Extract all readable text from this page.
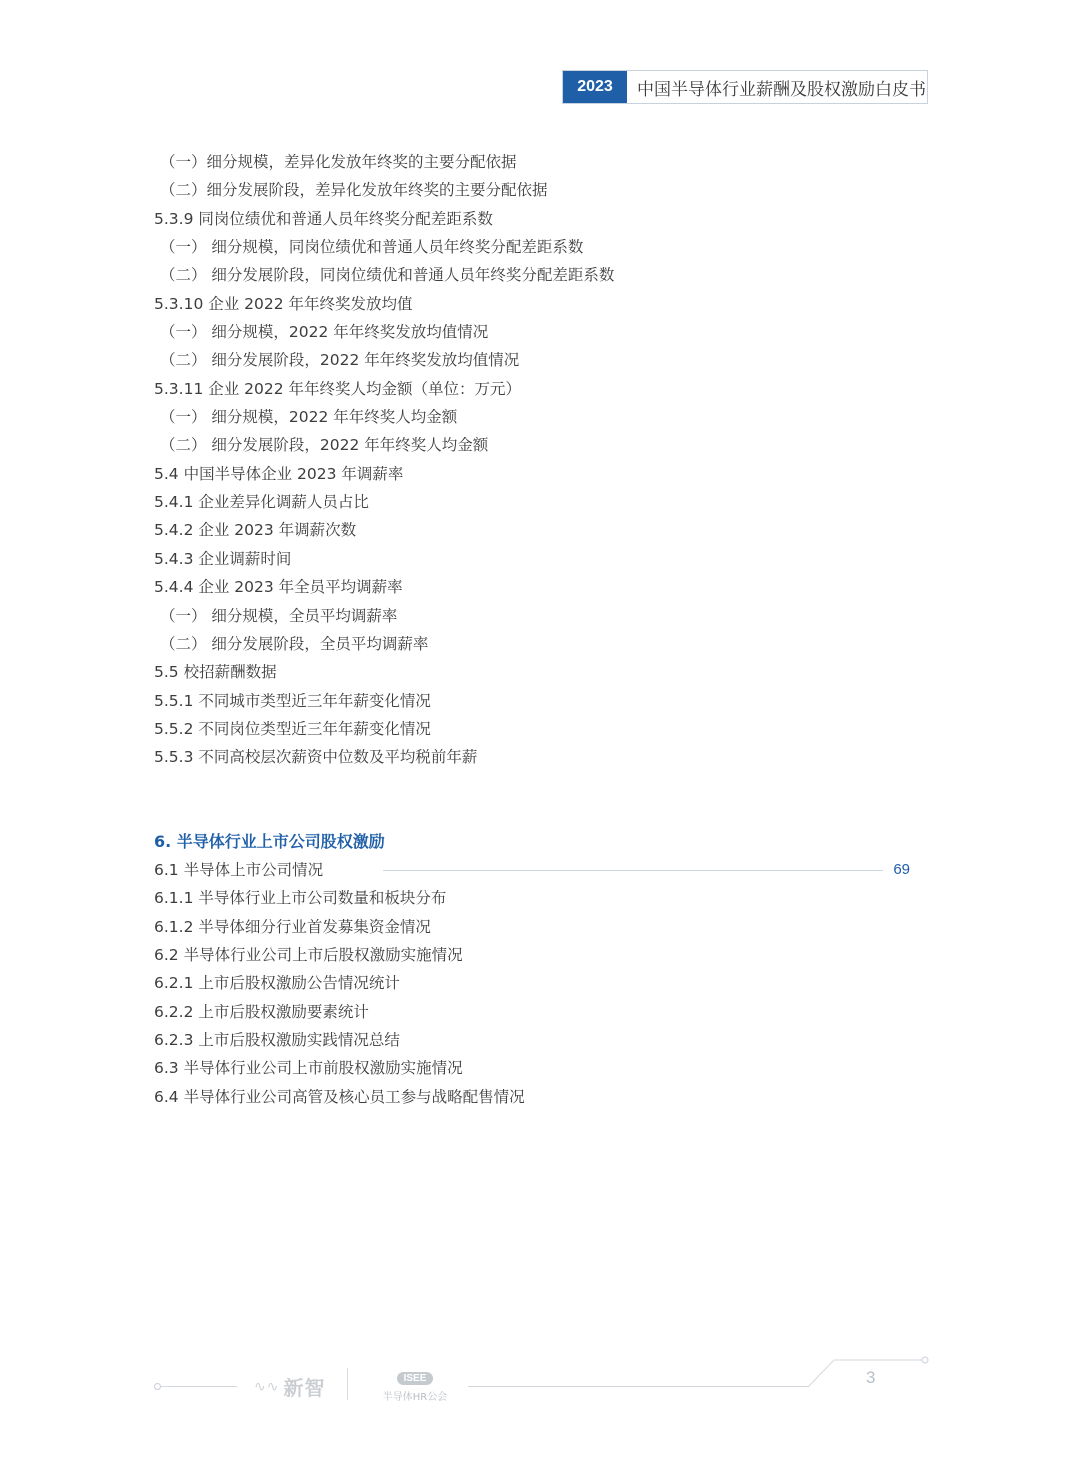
2023	中国半导体行业薪酬及股权激励白皮书
（一）细分规模，差异化发放年终奖的主要分配依据
（二）细分发展阶段，差异化发放年终奖的主要分配依据
5.3.9 同岗位绩优和普通人员年终奖分配差距系数
（一） 细分规模，同岗位绩优和普通人员年终奖分配差距系数
（二） 细分发展阶段，同岗位绩优和普通人员年终奖分配差距系数
5.3.10 企业 2022 年年终奖发放均值
（一） 细分规模，2022 年年终奖发放均值情况
（二） 细分发展阶段，2022 年年终奖发放均值情况
5.3.11 企业 2022 年年终奖人均金额（单位：万元）
（一） 细分规模，2022 年年终奖人均金额
（二） 细分发展阶段，2022 年年终奖人均金额
5.4 中国半导体企业 2023 年调薪率
5.4.1 企业差异化调薪人员占比
5.4.2 企业 2023 年调薪次数
5.4.3 企业调薪时间
5.4.4 企业 2023 年全员平均调薪率
（一） 细分规模，全员平均调薪率
（二） 细分发展阶段，全员平均调薪率
5.5 校招薪酬数据
5.5.1 不同城市类型近三年年薪变化情况
5.5.2 不同岗位类型近三年年薪变化情况
5.5.3 不同高校层次薪资中位数及平均税前年薪
6. 半导体行业上市公司股权激励
6.1 半导体上市公司情况	69
6.1.1 半导体行业上市公司数量和板块分布
6.1.2 半导体细分行业首发募集资金情况
6.2 半导体行业公司上市后股权激励实施情况
6.2.1 上市后股权激励公告情况统计
6.2.2 上市后股权激励要素统计
6.2.3 上市后股权激励实践情况总结
6.3 半导体行业公司上市前股权激励实施情况
6.4 半导体行业公司高管及核心员工参与战略配售情况
∿∿ 新智	ISEE
半导体HR公会
3
